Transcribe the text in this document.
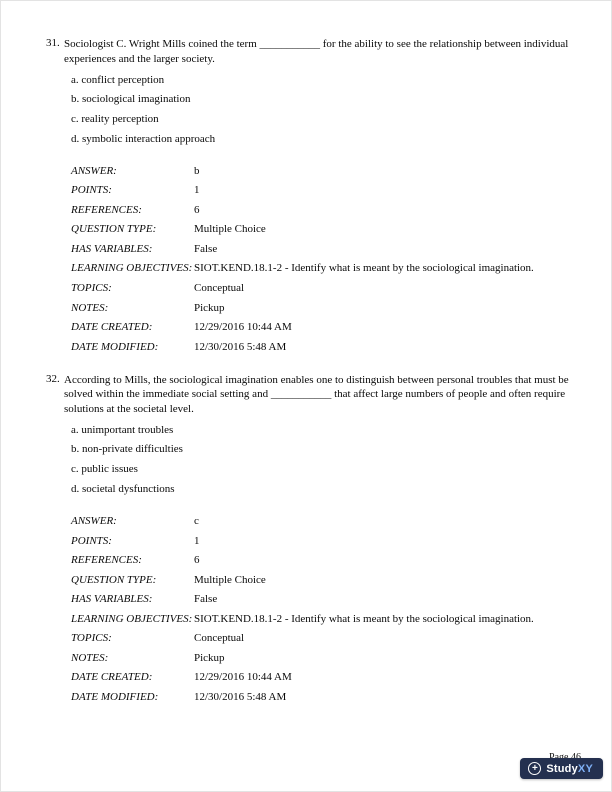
31. Sociologist C. Wright Mills coined the term ___________ for the ability to see the relationship between individual experiences and the larger society.
a. conflict perception
b. sociological imagination
c. reality perception
d. symbolic interaction approach
ANSWER:	b
POINTS:	1
REFERENCES:	6
QUESTION TYPE:	Multiple Choice
HAS VARIABLES:	False
LEARNING OBJECTIVES: SIOT.KEND.18.1-2 - Identify what is meant by the sociological imagination.
TOPICS:	Conceptual
NOTES:	Pickup
DATE CREATED:	12/29/2016 10:44 AM
DATE MODIFIED:	12/30/2016 5:48 AM
32. According to Mills, the sociological imagination enables one to distinguish between personal troubles that must be solved within the immediate social setting and ___________ that affect large numbers of people and often require solutions at the societal level.
a. unimportant troubles
b. non-private difficulties
c. public issues
d. societal dysfunctions
ANSWER:	c
POINTS:	1
REFERENCES:	6
QUESTION TYPE:	Multiple Choice
HAS VARIABLES:	False
LEARNING OBJECTIVES: SIOT.KEND.18.1-2 - Identify what is meant by the sociological imagination.
TOPICS:	Conceptual
NOTES:	Pickup
DATE CREATED:	12/29/2016 10:44 AM
DATE MODIFIED:	12/30/2016 5:48 AM
+ StudyXY
